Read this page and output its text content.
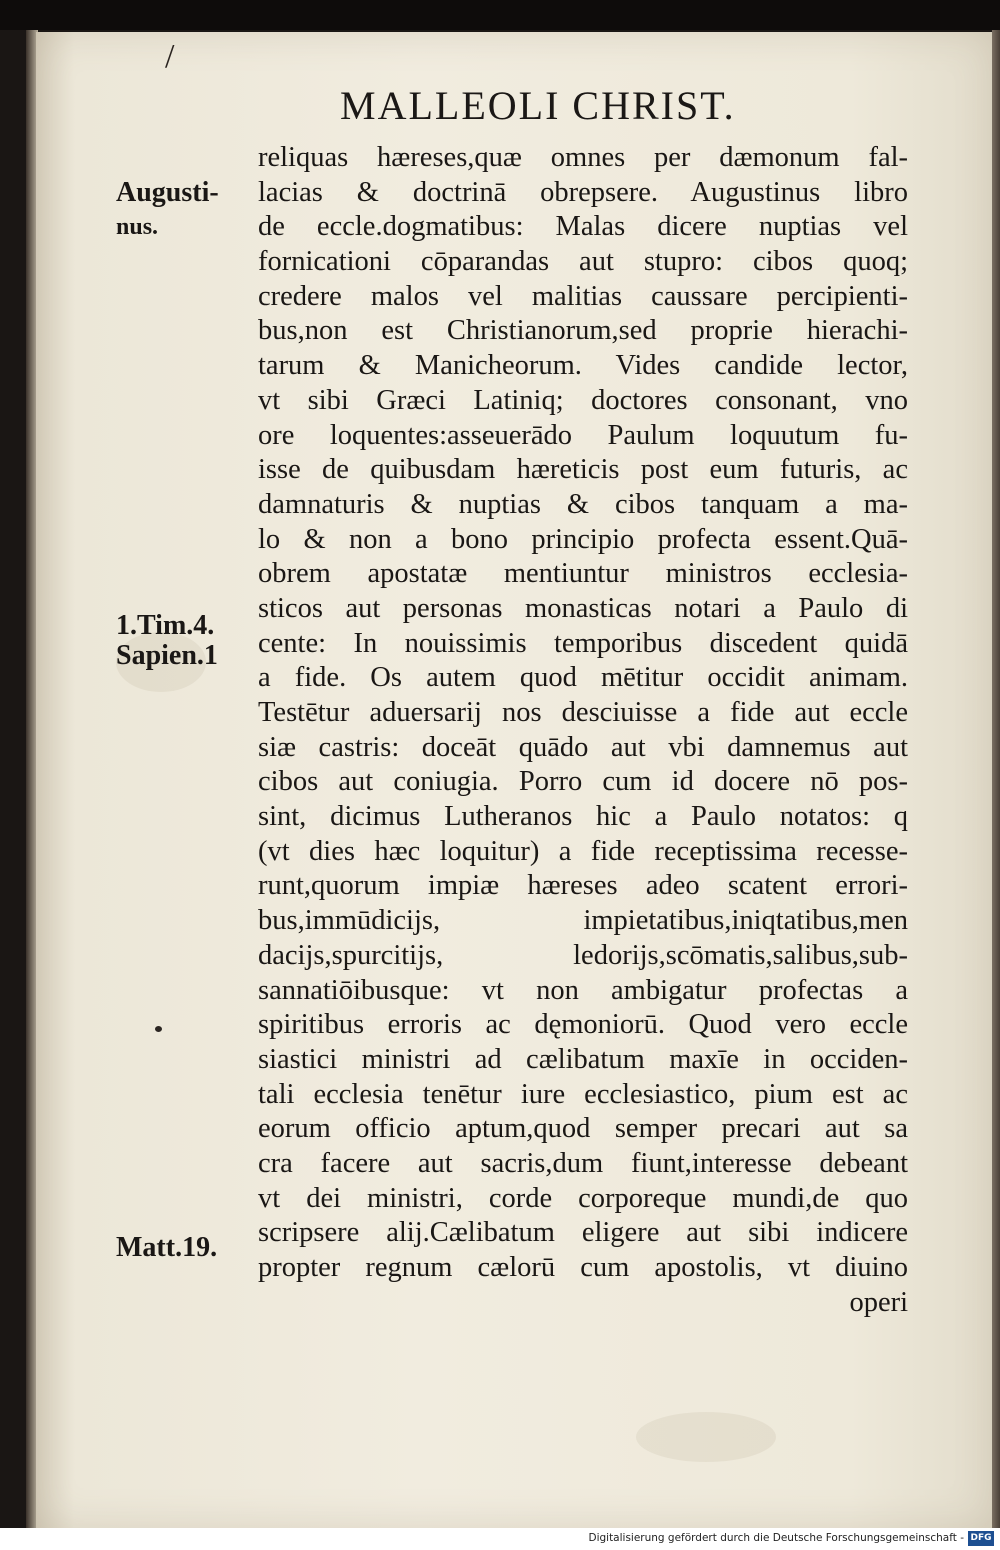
/
MALLEOLI CHRIST.
Augusti-
nus.
1.Tim.4.
Sapien.1
Matt.19.
reliquas hæreses,quæ omnes per dæmonum fal-
lacias & doctrinā obrepsere. Augustinus libro
de eccle.dogmatibus: Malas dicere nuptias vel
fornicationi cōparandas aut stupro: cibos quoq;
credere malos vel malitias caussare percipienti-
bus,non est Christianorum,sed proprie hierachi-
tarum & Manicheorum. Vides candide lector,
vt sibi Græci Latiniq; doctores consonant, vno
ore loquentes:asseuerādo Paulum loquutum fu-
isse de quibusdam hæreticis post eum futuris, ac
damnaturis & nuptias & cibos tanquam a ma-
lo & non a bono principio profecta essent.Quā-
obrem apostatæ mentiuntur ministros ecclesia-
sticos aut personas monasticas notari a Paulo di
cente: In nouissimis temporibus discedent quidā
a fide. Os autem quod mētitur occidit animam.
Testētur aduersarij nos desciuisse a fide aut eccle
siæ castris: doceāt quādo aut vbi damnemus aut
cibos aut coniugia. Porro cum id docere nō pos-
sint, dicimus Lutheranos hic a Paulo notatos: q
(vt dies hæc loquitur) a fide receptissima recesse-
runt,quorum impiæ hæreses adeo scatent errori-
bus,immūdicijs, impietatibus,iniqtatibus,men
dacijs,spurcitijs, ledorijs,scōmatis,salibus,sub-
sannatiōibusque: vt non ambigatur profectas a
spiritibus erroris ac dęmoniorū. Quod vero eccle
siastici ministri ad cælibatum maxīe in occiden-
tali ecclesia tenētur iure ecclesiastico, pium est ac
eorum officio aptum,quod semper precari aut sa
cra facere aut sacris,dum fiunt,interesse debeant
vt dei ministri, corde corporeque mundi,de quo
scripsere alij.Cælibatum eligere aut sibi indicere
propter regnum cælorū cum apostolis, vt diuino
operi
Digitalisierung gefördert durch die Deutsche Forschungsgemeinschaft - DFG
